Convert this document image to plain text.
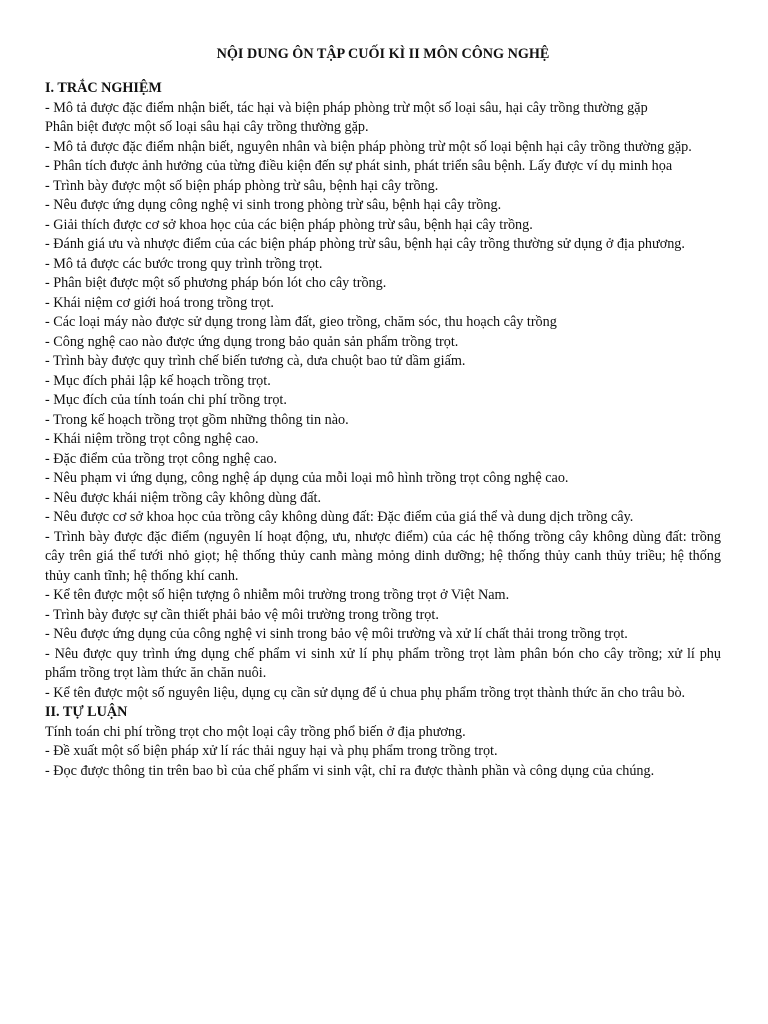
NỘI DUNG ÔN TẬP CUỐI KÌ II MÔN CÔNG NGHỆ

I. TRẮC NGHIỆM

- Mô tả được đặc điểm nhận biết, tác hại và biện pháp phòng trừ một số loại sâu, hại cây trồng thường gặp

Phân biệt được một số loại sâu hại cây trồng thường gặp.

- Mô tả được đặc điểm nhận biết, nguyên nhân và biện pháp phòng trừ một số loại bệnh hại cây trồng thường gặp.

- Phân tích được ảnh hưởng của từng điều kiện đến sự phát sinh, phát triển sâu bệnh. Lấy được ví dụ minh họa

- Trình bày được một số biện pháp phòng trừ sâu, bệnh hại cây trồng.

- Nêu được ứng dụng công nghệ vi sinh trong phòng trừ sâu, bệnh hại cây trồng.

- Giải thích được cơ sở khoa học của các biện pháp phòng trừ sâu, bệnh hại cây trồng.

- Đánh giá ưu và nhược điểm của các biện pháp phòng trừ sâu, bệnh hại cây trồng thường sử dụng ở địa phương.

- Mô tả được các bước trong quy trình trồng trọt.

- Phân biệt được một số phương pháp bón lót cho cây trồng.

- Khái niệm cơ giới hoá trong trồng trọt.

- Các loại máy nào được sử dụng trong làm đất, gieo trồng, chăm sóc, thu hoạch cây trồng

- Công nghệ cao nào được ứng dụng trong bảo quản sản phẩm trồng trọt.

- Trình bày được quy trình chế biến tương cà, dưa chuột bao tử dầm giấm.

- Mục đích phải lập kế hoạch trồng trọt.

- Mục đích của tính toán chi phí trồng trọt.

- Trong kế hoạch trồng trọt gồm những thông tin nào.

- Khái niệm trồng trọt công nghệ cao.

- Đặc điểm của trồng trọt công nghệ cao.

- Nêu phạm vi ứng dụng, công nghệ áp dụng của mỗi loại mô hình trồng trọt công nghệ cao.

- Nêu được khái niệm trồng cây không dùng đất.

- Nêu được cơ sở khoa học của trồng cây không dùng đất: Đặc điểm của giá thể và dung dịch trồng cây.

- Trình bày được đặc điểm (nguyên lí hoạt động, ưu, nhược điểm) của các hệ thống trồng cây không dùng đất: trồng cây trên giá thể tưới nhỏ giọt; hệ thống thủy canh màng mỏng dinh dưỡng; hệ thống thủy canh thủy triều; hệ thống thủy canh tĩnh; hệ thống khí canh.

- Kể tên được một số hiện tượng ô nhiễm môi trường trong trồng trọt ở Việt Nam.

- Trình bày được sự cần thiết phải bảo vệ môi trường trong trồng trọt.

- Nêu được ứng dụng của công nghệ vi sinh trong bảo vệ môi trường và xử lí chất thải trong trồng trọt.

- Nêu được quy trình ứng dụng chế phẩm vi sinh xử lí phụ phẩm trồng trọt làm phân bón cho cây trồng; xử lí phụ phẩm trồng trọt làm thức ăn chăn nuôi.

- Kể tên được một số nguyên liệu, dụng cụ cần sử dụng để ủ chua phụ phẩm trồng trọt thành thức ăn cho trâu bò.

II. TỰ LUẬN

Tính toán chi phí trồng trọt cho một loại cây trồng phổ biến ở địa phương.

- Đề xuất một số biện pháp xử lí rác thải nguy hại và phụ phẩm trong trồng trọt.

- Đọc được thông tin trên bao bì của chế phẩm vi sinh vật, chỉ ra được thành phần và công dụng của chúng.
